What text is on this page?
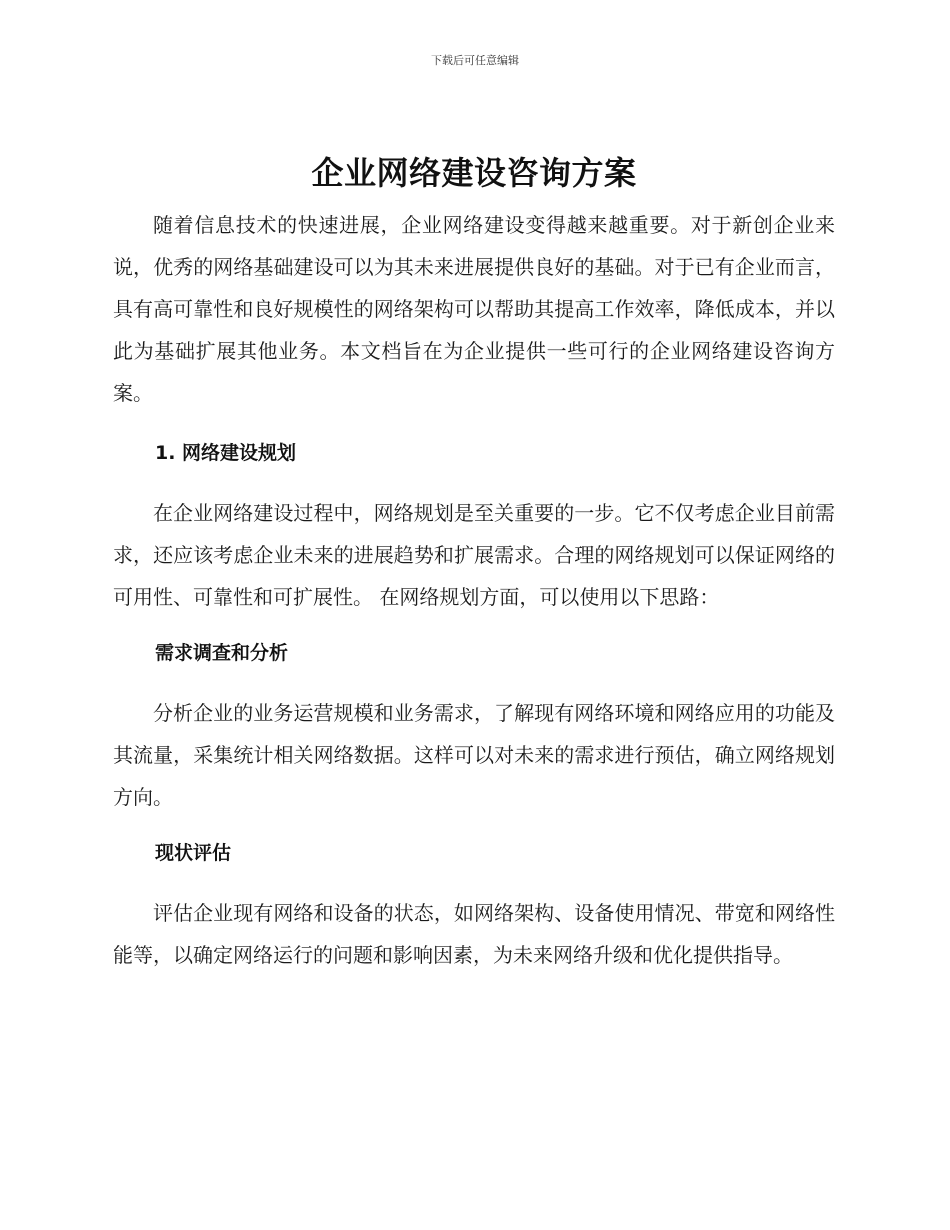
下载后可任意编辑
企业网络建设咨询方案

随着信息技术的快速进展，企业网络建设变得越来越重要。对于新创企业来说，优秀的网络基础建设可以为其未来进展提供良好的基础。对于已有企业而言，具有高可靠性和良好规模性的网络架构可以帮助其提高工作效率，降低成本，并以此为基础扩展其他业务。本文档旨在为企业提供一些可行的企业网络建设咨询方案。

1. 网络建设规划

在企业网络建设过程中，网络规划是至关重要的一步。它不仅考虑企业目前需求，还应该考虑企业未来的进展趋势和扩展需求。合理的网络规划可以保证网络的可用性、可靠性和可扩展性。 在网络规划方面，可以使用以下思路：

需求调查和分析

分析企业的业务运营规模和业务需求，了解现有网络环境和网络应用的功能及其流量，采集统计相关网络数据。这样可以对未来的需求进行预估，确立网络规划方向。

现状评估

评估企业现有网络和设备的状态，如网络架构、设备使用情况、带宽和网络性能等，以确定网络运行的问题和影响因素，为未来网络升级和优化提供指导。
